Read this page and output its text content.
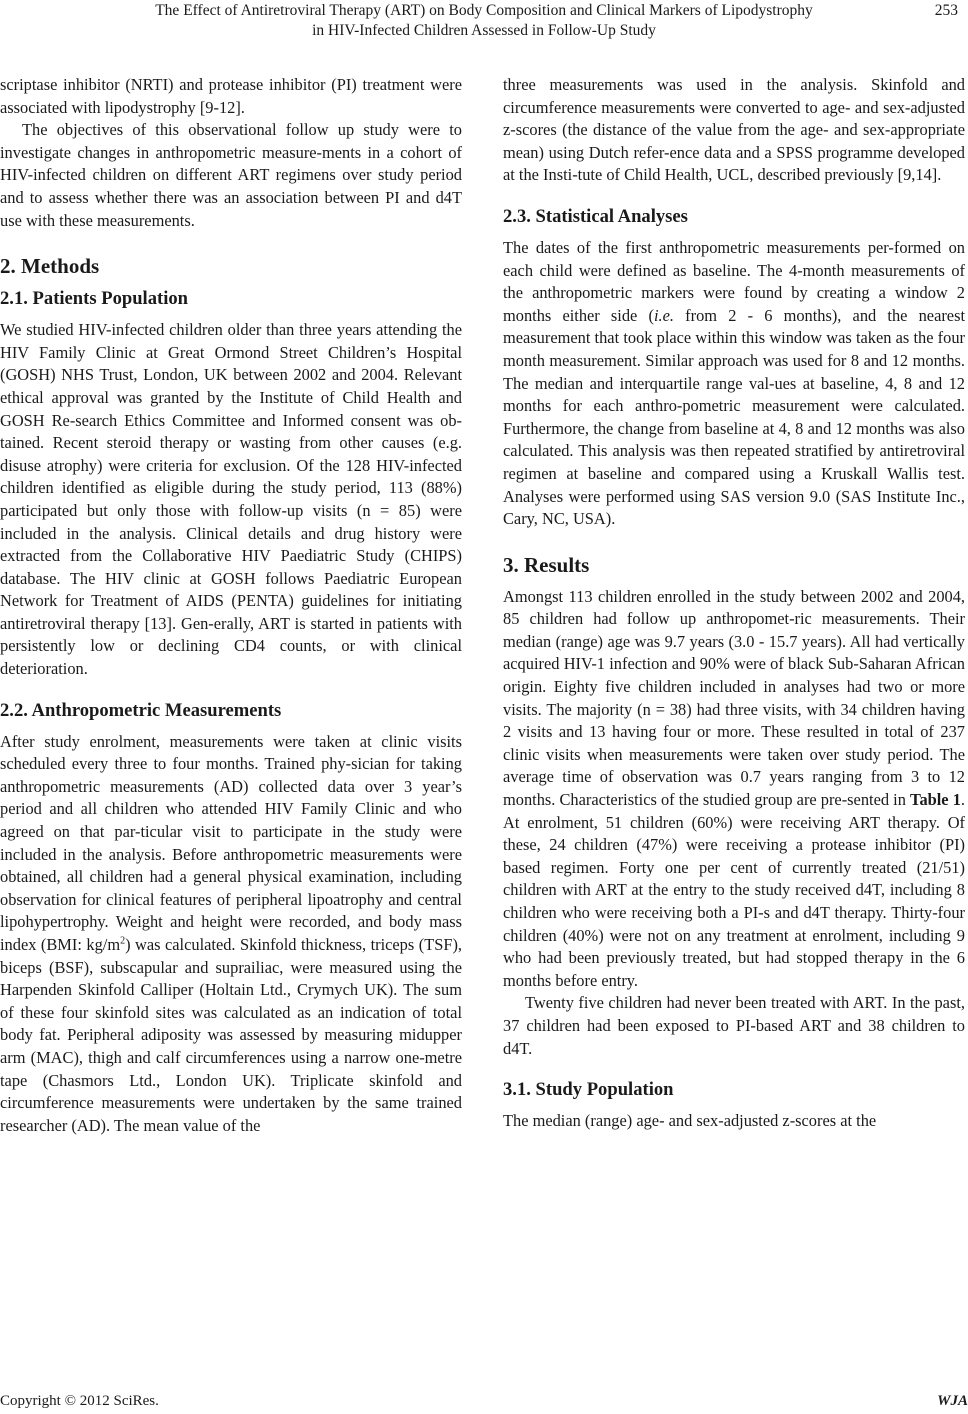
The Effect of Antiretroviral Therapy (ART) on Body Composition and Clinical Markers of Lipodystrophy
in HIV-Infected Children Assessed in Follow-Up Study
253

scriptase inhibitor (NRTI) and protease inhibitor (PI) treatment were associated with lipodystrophy [9-12].

The objectives of this observational follow up study were to investigate changes in anthropometric measure-ments in a cohort of HIV-infected children on different ART regimens over study period and to assess whether there was an association between PI and d4T use with these measurements.

2. Methods
2.1. Patients Population

We studied HIV-infected children older than three years attending the HIV Family Clinic at Great Ormond Street Children’s Hospital (GOSH) NHS Trust, London, UK between 2002 and 2004. Relevant ethical approval was granted by the Institute of Child Health and GOSH Re-search Ethics Committee and Informed consent was ob-tained. Recent steroid therapy or wasting from other causes (e.g. disuse atrophy) were criteria for exclusion. Of the 128 HIV-infected children identified as eligible during the study period, 113 (88%) participated but only those with follow-up visits (n = 85) were included in the analysis. Clinical details and drug history were extracted from the Collaborative HIV Paediatric Study (CHIPS) database. The HIV clinic at GOSH follows Paediatric European Network for Treatment of AIDS (PENTA) guidelines for initiating antiretroviral therapy [13]. Gen-erally, ART is started in patients with persistently low or declining CD4 counts, or with clinical deterioration.

2.2. Anthropometric Measurements

After study enrolment, measurements were taken at clinic visits scheduled every three to four months. Trained phy-sician for taking anthropometric measurements (AD) collected data over 3 year’s period and all children who attended HIV Family Clinic and who agreed on that par-ticular visit to participate in the study were included in the analysis. Before anthropometric measurements were obtained, all children had a general physical examination, including observation for clinical features of peripheral lipoatrophy and central lipohypertrophy. Weight and height were recorded, and body mass index (BMI: $kg/m^2$) was calculated. Skinfold thickness, triceps (TSF), biceps (BSF), subscapular and suprailiac, were measured using the Harpenden Skinfold Calliper (Holtain Ltd., Crymych UK). The sum of these four skinfold sites was calculated as an indication of total body fat. Peripheral adiposity was assessed by measuring midupper arm (MAC), thigh and calf circumferences using a narrow one-metre tape (Chasmors Ltd., London UK). Triplicate skinfold and circumference measurements were undertaken by the same trained researcher (AD). The mean value of the

three measurements was used in the analysis. Skinfold and circumference measurements were converted to age- and sex-adjusted z-scores (the distance of the value from the age- and sex-appropriate mean) using Dutch refer-ence data and a SPSS programme developed at the Insti-tute of Child Health, UCL, described previously [9,14].

2.3. Statistical Analyses

The dates of the first anthropometric measurements per-formed on each child were defined as baseline. The 4-month measurements of the anthropometric markers were found by creating a window 2 months either side (i.e. from 2 - 6 months), and the nearest measurement that took place within this window was taken as the four month measurement. Similar approach was used for 8 and 12 months. The median and interquartile range val-ues at baseline, 4, 8 and 12 months for each anthro-pometric measurement were calculated. Furthermore, the change from baseline at 4, 8 and 12 months was also calculated. This analysis was then repeated stratified by antiretroviral regimen at baseline and compared using a Kruskall Wallis test. Analyses were performed using SAS version 9.0 (SAS Institute Inc., Cary, NC, USA).

3. Results

Amongst 113 children enrolled in the study between 2002 and 2004, 85 children had follow up anthropomet-ric measurements. Their median (range) age was 9.7 years (3.0 - 15.7 years). All had vertically acquired HIV-1 infection and 90% were of black Sub-Saharan African origin. Eighty five children included in analyses had two or more visits. The majority (n = 38) had three visits, with 34 children having 2 visits and 13 having four or more. These resulted in total of 237 clinic visits when measurements were taken over study period. The average time of observation was 0.7 years ranging from 3 to 12 months. Characteristics of the studied group are pre-sented in Table 1. At enrolment, 51 children (60%) were receiving ART therapy. Of these, 24 children (47%) were receiving a protease inhibitor (PI) based regimen. Forty one per cent of currently treated (21/51) children with ART at the entry to the study received d4T, including 8 children who were receiving both a PI-s and d4T therapy. Thirty-four children (40%) were not on any treatment at enrolment, including 9 who had been previously treated, but had stopped therapy in the 6 months before entry.

Twenty five children had never been treated with ART. In the past, 37 children had been exposed to PI-based ART and 38 children to d4T.

3.1. Study Population

The median (range) age- and sex-adjusted z-scores at the

Copyright © 2012 SciRes.	WJA
